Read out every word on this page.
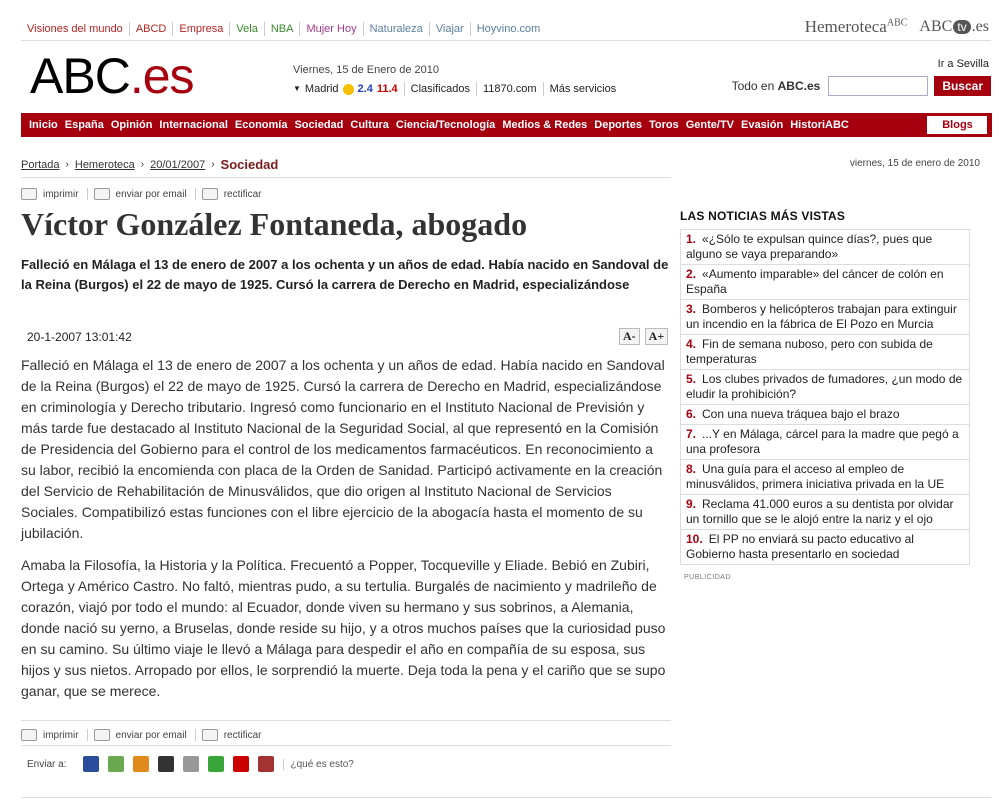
Visiones del mundo	ABCD	Empresa	Vela	NBA	Mujer Hoy	Naturaleza	Viajar	Hoyvino.com	Hemeroteca$^{ABC}$ ABC tv .es
ABC.es	Viernes, 15 de Enero de 2010
▼ Madrid 2.4 11.4	Clasificados	11870.com	Más servicios
Ir a Sevilla
Todo en ABC.es	Buscar
Inicio España Opinión Internacional Economía Sociedad Cultura Ciencia/Tecnología Medios & Redes Deportes Toros Gente/TV Evasión HistoriABC	Blogs
Portada › Hemeroteca › 20/01/2007 › Sociedad	viernes, 15 de enero de 2010
imprimir	enviar por email	rectificar
Víctor González Fontaneda, abogado
Falleció en Málaga el 13 de enero de 2007 a los ochenta y un años de edad. Había nacido en Sandoval de la Reina (Burgos) el 22 de mayo de 1925. Cursó la carrera de Derecho en Madrid, especializándose
20-1-2007 13:01:42	A-	A+

Falleció en Málaga el 13 de enero de 2007 a los ochenta y un años de edad. Había nacido en Sandoval de la Reina (Burgos) el 22 de mayo de 1925. Cursó la carrera de Derecho en Madrid, especializándose en criminología y Derecho tributario. Ingresó como funcionario en el Instituto Nacional de Previsión y más tarde fue destacado al Instituto Nacional de la Seguridad Social, al que representó en la Comisión de Presidencia del Gobierno para el control de los medicamentos farmacéuticos. En reconocimiento a su labor, recibió la encomienda con placa de la Orden de Sanidad. Participó activamente en la creación del Servicio de Rehabilitación de Minusválidos, que dio origen al Instituto Nacional de Servicios Sociales. Compatibilizó estas funciones con el libre ejercicio de la abogacía hasta el momento de su jubilación.

Amaba la Filosofía, la Historia y la Política. Frecuentó a Popper, Tocqueville y Eliade. Bebió en Zubiri, Ortega y Américo Castro. No faltó, mientras pudo, a su tertulia. Burgalés de nacimiento y madrileño de corazón, viajó por todo el mundo: al Ecuador, donde viven su hermano y sus sobrinos, a Alemania, donde nació su yerno, a Bruselas, donde reside su hijo, y a otros muchos países que la curiosidad puso en su camino. Su último viaje le llevó a Málaga para despedir el año en compañía de su esposa, sus hijos y sus nietos. Arropado por ellos, le sorprendió la muerte. Deja toda la pena y el cariño que se supo ganar, que se merece.

imprimir	enviar por email	rectificar
Enviar a:	¿qué es esto?
LAS NOTICIAS MÁS VISTAS
1. «¿Sólo te expulsan quince días?, pues que alguno se vaya preparando»
2. «Aumento imparable» del cáncer de colón en España
3. Bomberos y helicópteros trabajan para extinguir un incendio en la fábrica de El Pozo en Murcia
4. Fin de semana nuboso, pero con subida de temperaturas
5. Los clubes privados de fumadores, ¿un modo de eludir la prohibición?
6. Con una nueva tráquea bajo el brazo
7. ...Y en Málaga, cárcel para la madre que pegó a una profesora
8. Una guía para el acceso al empleo de minusválidos, primera iniciativa privada en la UE
9. Reclama 41.000 euros a su dentista por olvidar un tornillo que se le alojó entre la nariz y el ojo
10. El PP no enviará su pacto educativo al Gobierno hasta presentarlo en sociedad
PUBLICIDAD
